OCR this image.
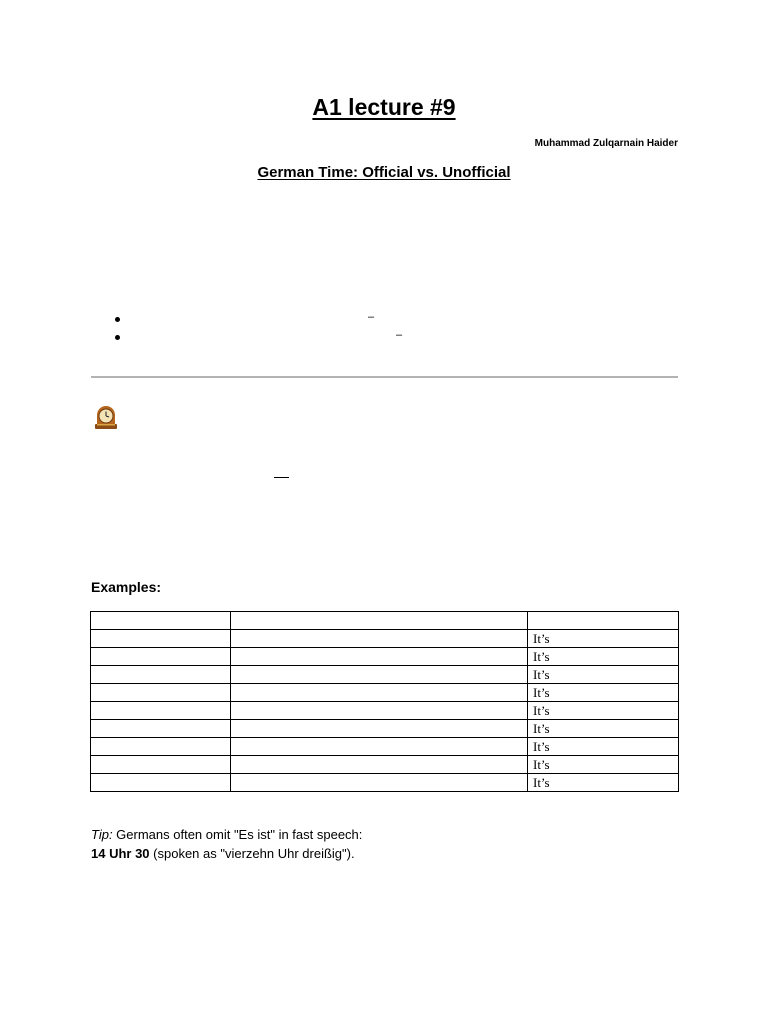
A1 lecture #9
Muhammad Zulqarnain Haider
German Time: Official vs. Unofficial
–
–
Examples:

		It’s
		It’s
		It’s
		It’s
		It’s
		It’s
		It’s
		It’s
		It’s
Tip: Germans often omit "Es ist" in fast speech:
14 Uhr 30 (spoken as "vierzehn Uhr dreißig").
